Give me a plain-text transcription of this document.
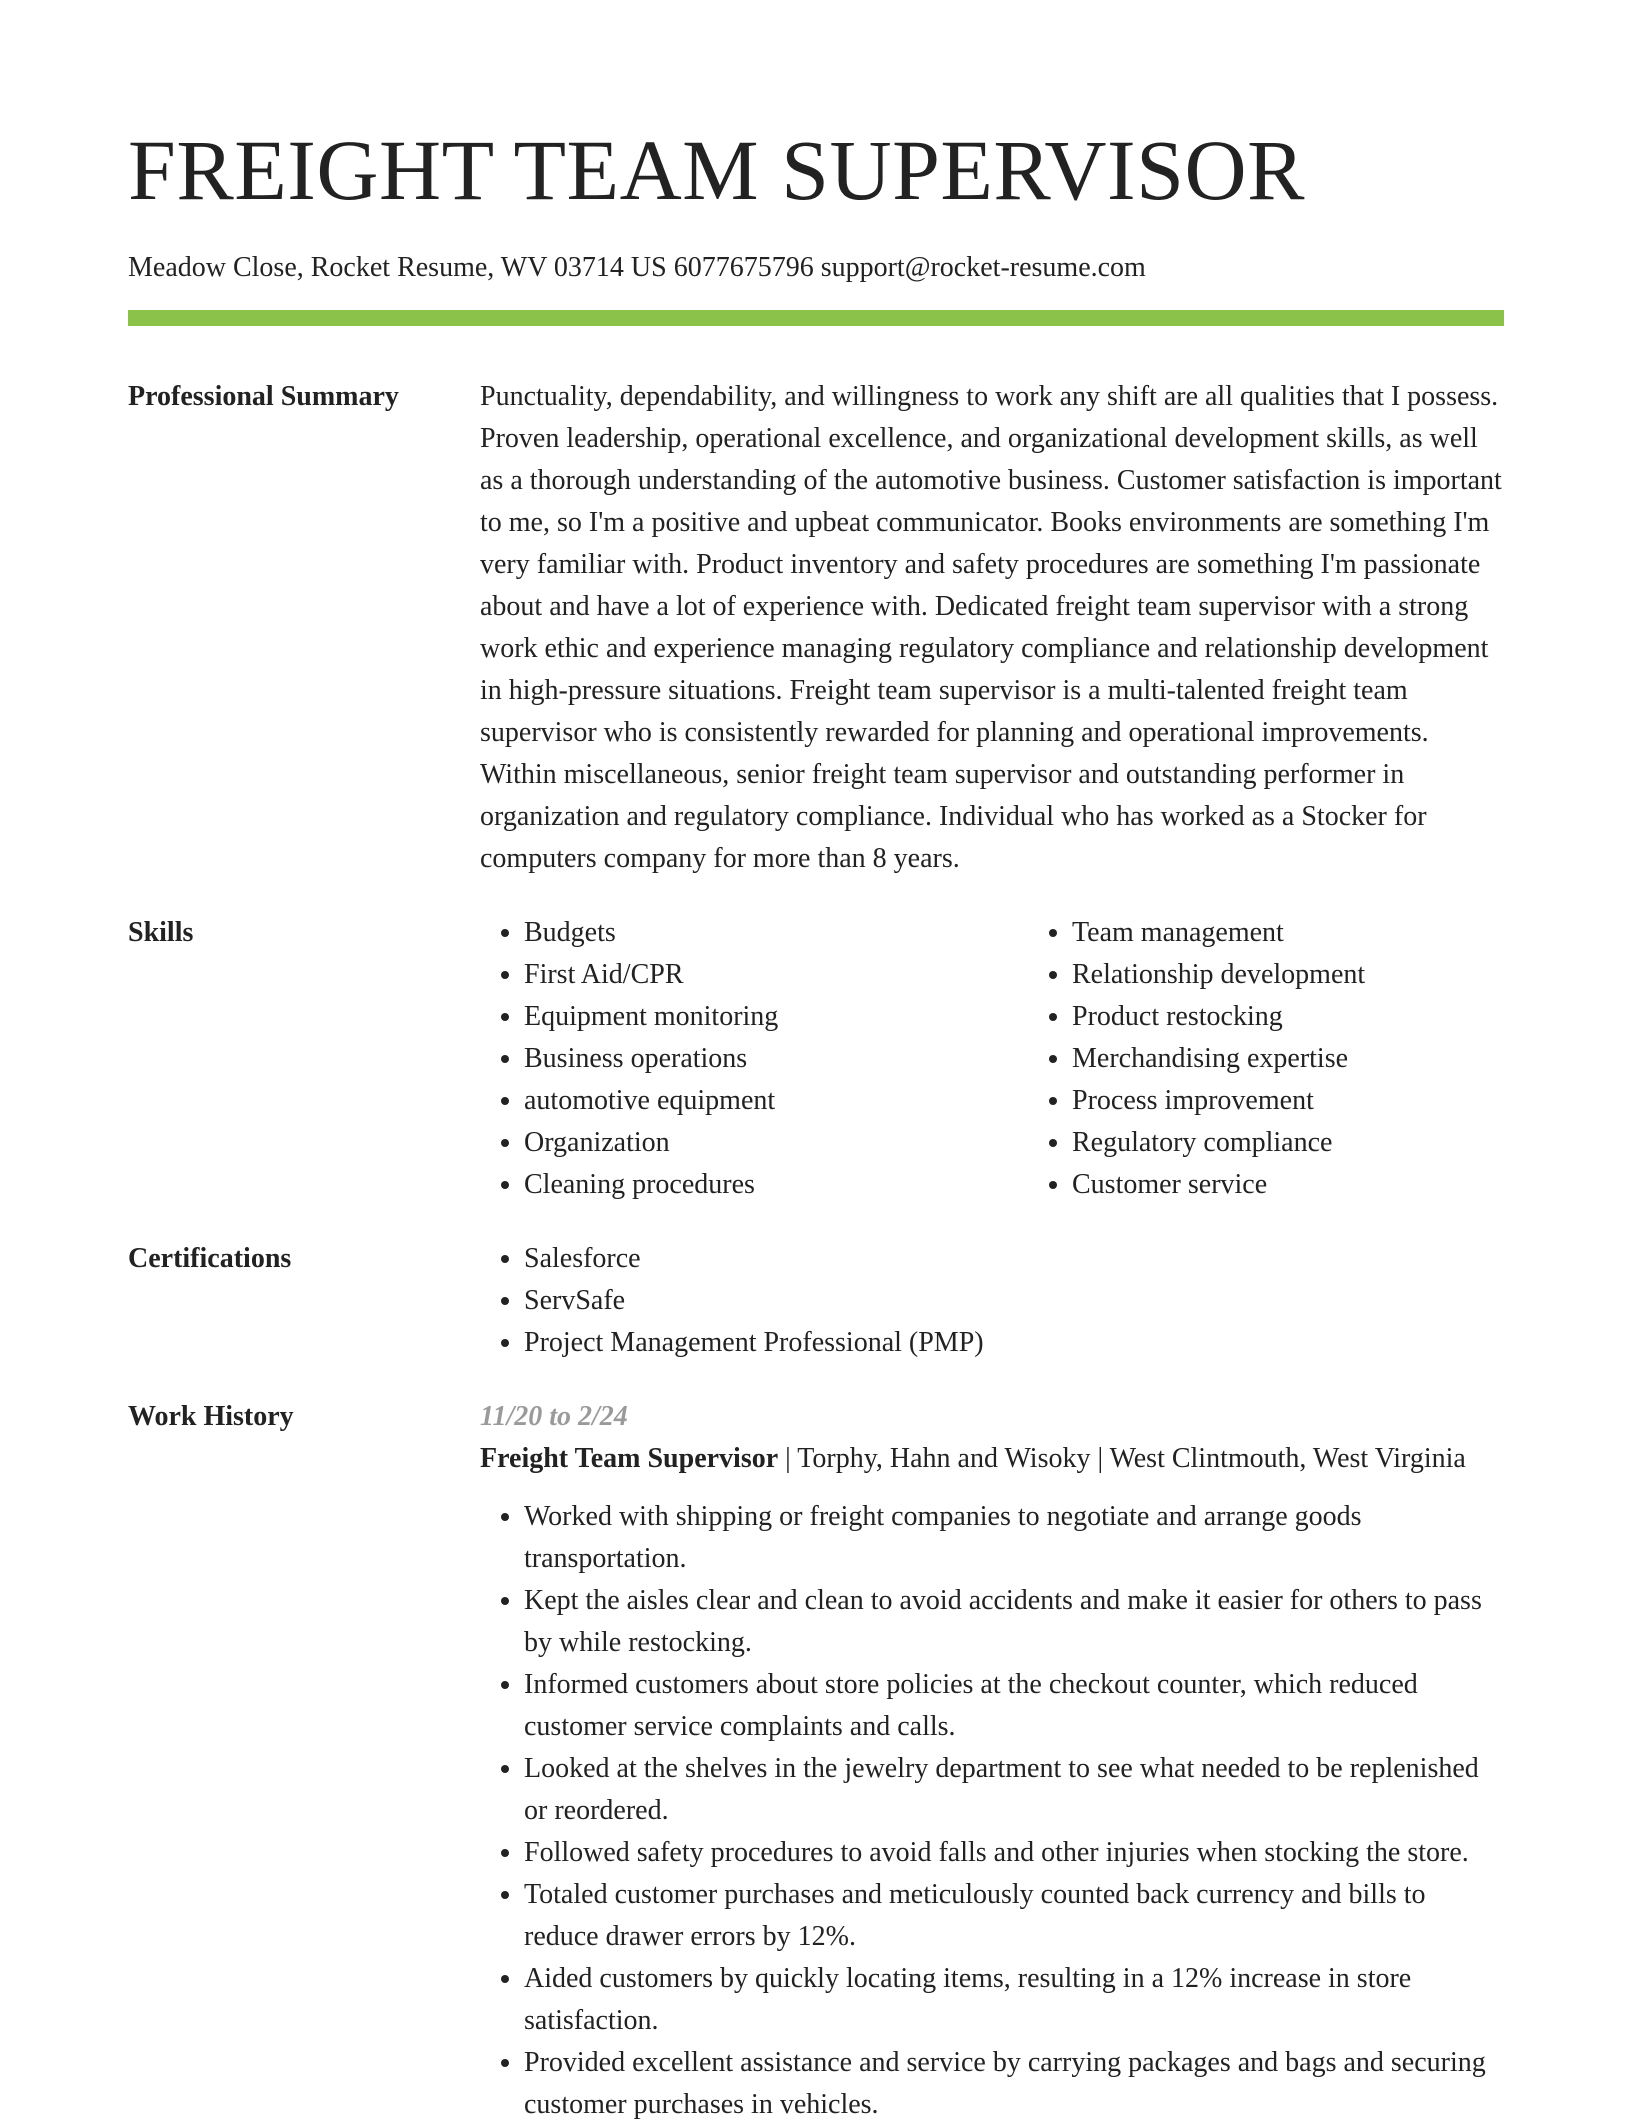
FREIGHT TEAM SUPERVISOR
Meadow Close, Rocket Resume, WV 03714 US 6077675796 support@rocket-resume.com
Professional Summary	Punctuality, dependability, and willingness to work any shift are all qualities that I possess. Proven leadership, operational excellence, and organizational development skills, as well as a thorough understanding of the automotive business. Customer satisfaction is important to me, so I'm a positive and upbeat communicator. Books environments are something I'm very familiar with. Product inventory and safety procedures are something I'm passionate about and have a lot of experience with. Dedicated freight team supervisor with a strong work ethic and experience managing regulatory compliance and relationship development in high-pressure situations. Freight team supervisor is a multi-talented freight team supervisor who is consistently rewarded for planning and operational improvements. Within miscellaneous, senior freight team supervisor and outstanding performer in organization and regulatory compliance. Individual who has worked as a Stocker for computers company for more than 8 years.

Skills	• Budgets
• First Aid/CPR
• Equipment monitoring
• Business operations
• automotive equipment
• Organization
• Cleaning procedures
• Team management
• Relationship development
• Product restocking
• Merchandising expertise
• Process improvement
• Regulatory compliance
• Customer service
Certifications	• Salesforce
• ServSafe
• Project Management Professional (PMP)
Work History	11/20 to 2/24
Freight Team Supervisor | Torphy, Hahn and Wisoky | West Clintmouth, West Virginia
• Worked with shipping or freight companies to negotiate and arrange goods transportation.
• Kept the aisles clear and clean to avoid accidents and make it easier for others to pass by while restocking.
• Informed customers about store policies at the checkout counter, which reduced customer service complaints and calls.
• Looked at the shelves in the jewelry department to see what needed to be replenished or reordered.
• Followed safety procedures to avoid falls and other injuries when stocking the store.
• Totaled customer purchases and meticulously counted back currency and bills to reduce drawer errors by 12%.
• Aided customers by quickly locating items, resulting in a 12% increase in store satisfaction.
• Provided excellent assistance and service by carrying packages and bags and securing customer purchases in vehicles.
